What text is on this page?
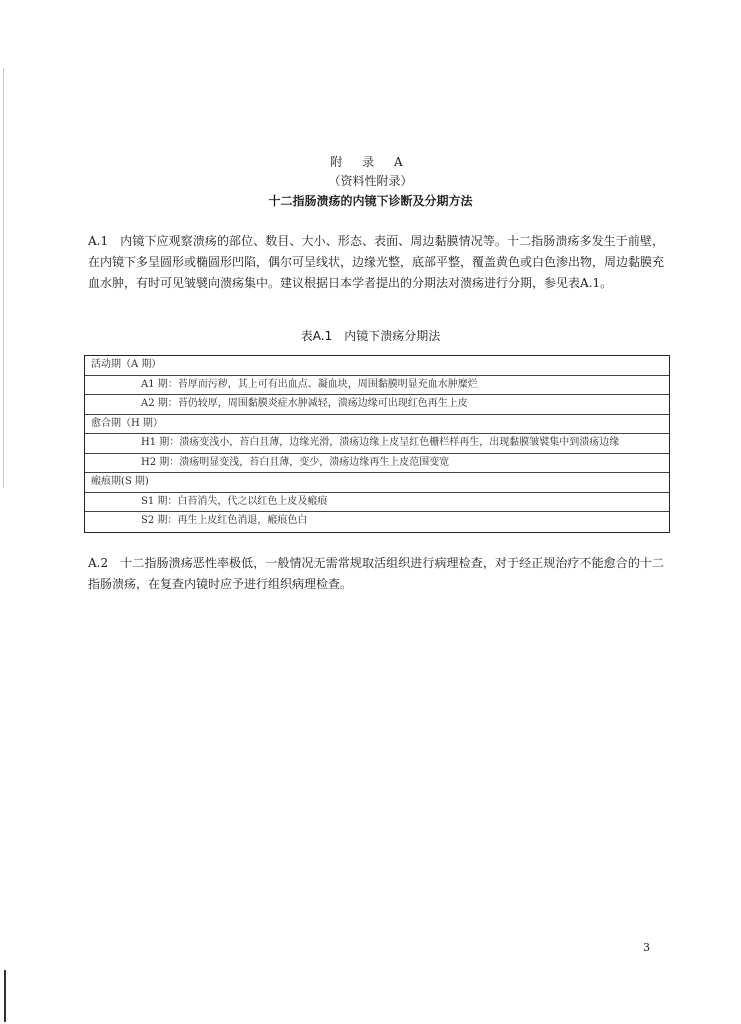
附 录 A

（资料性附录）

十二指肠溃疡的内镜下诊断及分期方法

A.1　内镜下应观察溃疡的部位、数目、大小、形态、表面、周边黏膜情况等。十二指肠溃疡多发生于前壁，在内镜下多呈圆形或椭圆形凹陷，偶尔可呈线状，边缘光整，底部平整，覆盖黄色或白色渗出物，周边黏膜充血水肿，有时可见皱襞向溃疡集中。建议根据日本学者提出的分期法对溃疡进行分期，参见表A.1。

表A.1　内镜下溃疡分期法
活动期（A 期）
A1 期：苔厚而污秽，其上可有出血点、凝血块，周围黏膜明显充血水肿糜烂
A2 期：苔仍较厚，周围黏膜炎症水肿减轻，溃疡边缘可出现红色再生上皮
愈合期（H 期）
H1 期：溃疡变浅小，苔白且薄，边缘光滑，溃疡边缘上皮呈红色栅栏样再生，出现黏膜皱襞集中到溃疡边缘
H2 期：溃疡明显变浅，苔白且薄，变少，溃疡边缘再生上皮范围变宽
瘢痕期(S 期)
S1 期：白苔消失，代之以红色上皮及瘢痕
S2 期：再生上皮红色消退，瘢痕色白

A.2　十二指肠溃疡恶性率极低，一般情况无需常规取活组织进行病理检查，对于经正规治疗不能愈合的十二指肠溃疡，在复查内镜时应予进行组织病理检查。

3
